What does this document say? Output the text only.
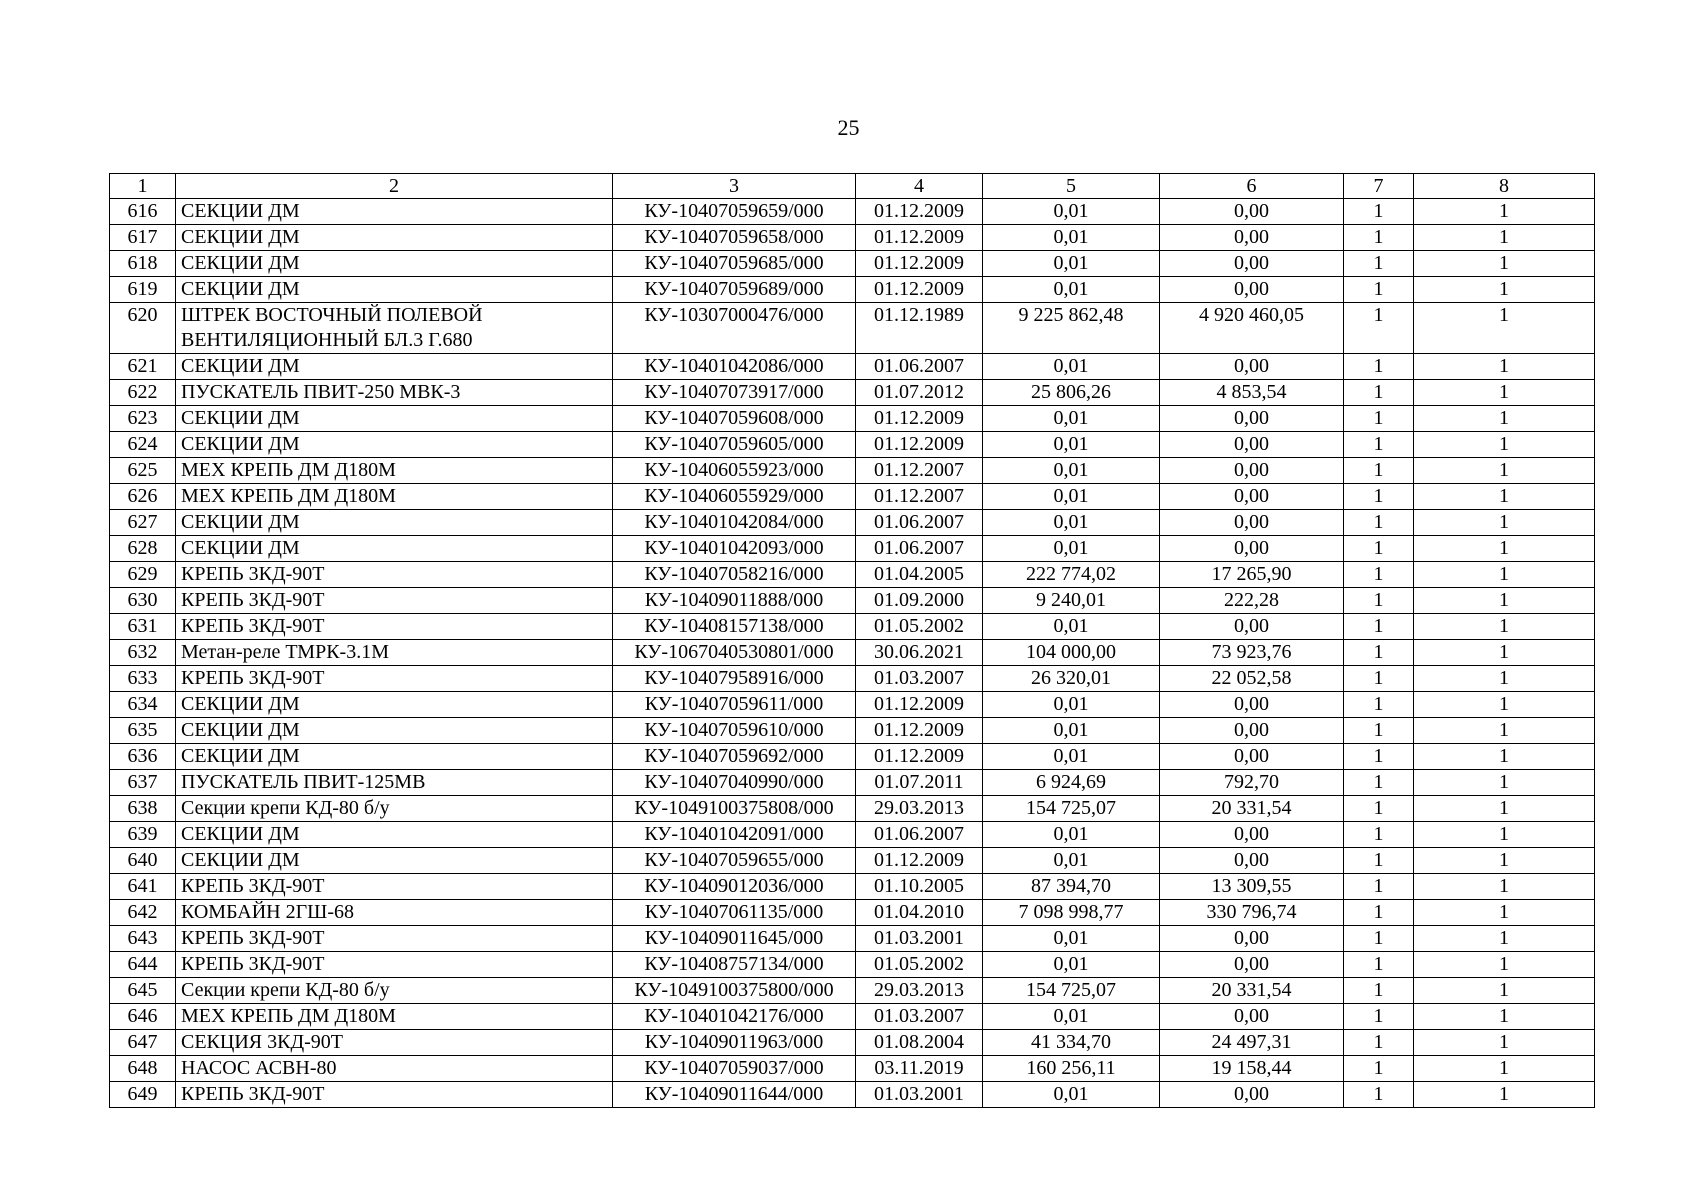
25
1	2	3	4	5	6	7	8
616	СЕКЦИИ ДМ	КУ-10407059659/000	01.12.2009	0,01	0,00	1	1
617	СЕКЦИИ ДМ	КУ-10407059658/000	01.12.2009	0,01	0,00	1	1
618	СЕКЦИИ ДМ	КУ-10407059685/000	01.12.2009	0,01	0,00	1	1
619	СЕКЦИИ ДМ	КУ-10407059689/000	01.12.2009	0,01	0,00	1	1
620	ШТРЕК ВОСТОЧНЫЙ ПОЛЕВОЙ ВЕНТИЛЯЦИОННЫЙ БЛ.3 Г.680	КУ-10307000476/000	01.12.1989	9 225 862,48	4 920 460,05	1	1
621	СЕКЦИИ ДМ	КУ-10401042086/000	01.06.2007	0,01	0,00	1	1
622	ПУСКАТЕЛЬ ПВИТ-250 МВК-3	КУ-10407073917/000	01.07.2012	25 806,26	4 853,54	1	1
623	СЕКЦИИ ДМ	КУ-10407059608/000	01.12.2009	0,01	0,00	1	1
624	СЕКЦИИ ДМ	КУ-10407059605/000	01.12.2009	0,01	0,00	1	1
625	МЕХ КРЕПЬ ДМ Д180М	КУ-10406055923/000	01.12.2007	0,01	0,00	1	1
626	МЕХ КРЕПЬ ДМ Д180М	КУ-10406055929/000	01.12.2007	0,01	0,00	1	1
627	СЕКЦИИ ДМ	КУ-10401042084/000	01.06.2007	0,01	0,00	1	1
628	СЕКЦИИ ДМ	КУ-10401042093/000	01.06.2007	0,01	0,00	1	1
629	КРЕПЬ 3КД-90Т	КУ-10407058216/000	01.04.2005	222 774,02	17 265,90	1	1
630	КРЕПЬ 3КД-90Т	КУ-10409011888/000	01.09.2000	9 240,01	222,28	1	1
631	КРЕПЬ 3КД-90Т	КУ-10408157138/000	01.05.2002	0,01	0,00	1	1
632	Метан-реле ТМРК-3.1М	КУ-1067040530801/000	30.06.2021	104 000,00	73 923,76	1	1
633	КРЕПЬ 3КД-90Т	КУ-10407958916/000	01.03.2007	26 320,01	22 052,58	1	1
634	СЕКЦИИ ДМ	КУ-10407059611/000	01.12.2009	0,01	0,00	1	1
635	СЕКЦИИ ДМ	КУ-10407059610/000	01.12.2009	0,01	0,00	1	1
636	СЕКЦИИ ДМ	КУ-10407059692/000	01.12.2009	0,01	0,00	1	1
637	ПУСКАТЕЛЬ ПВИТ-125МВ	КУ-10407040990/000	01.07.2011	6 924,69	792,70	1	1
638	Секции крепи КД-80 б/у	КУ-1049100375808/000	29.03.2013	154 725,07	20 331,54	1	1
639	СЕКЦИИ ДМ	КУ-10401042091/000	01.06.2007	0,01	0,00	1	1
640	СЕКЦИИ ДМ	КУ-10407059655/000	01.12.2009	0,01	0,00	1	1
641	КРЕПЬ 3КД-90Т	КУ-10409012036/000	01.10.2005	87 394,70	13 309,55	1	1
642	КОМБАЙН 2ГШ-68	КУ-10407061135/000	01.04.2010	7 098 998,77	330 796,74	1	1
643	КРЕПЬ 3КД-90Т	КУ-10409011645/000	01.03.2001	0,01	0,00	1	1
644	КРЕПЬ 3КД-90Т	КУ-10408757134/000	01.05.2002	0,01	0,00	1	1
645	Секции крепи КД-80 б/у	КУ-1049100375800/000	29.03.2013	154 725,07	20 331,54	1	1
646	МЕХ КРЕПЬ ДМ Д180М	КУ-10401042176/000	01.03.2007	0,01	0,00	1	1
647	СЕКЦИЯ 3КД-90Т	КУ-10409011963/000	01.08.2004	41 334,70	24 497,31	1	1
648	НАСОС АСВН-80	КУ-10407059037/000	03.11.2019	160 256,11	19 158,44	1	1
649	КРЕПЬ 3КД-90Т	КУ-10409011644/000	01.03.2001	0,01	0,00	1	1
